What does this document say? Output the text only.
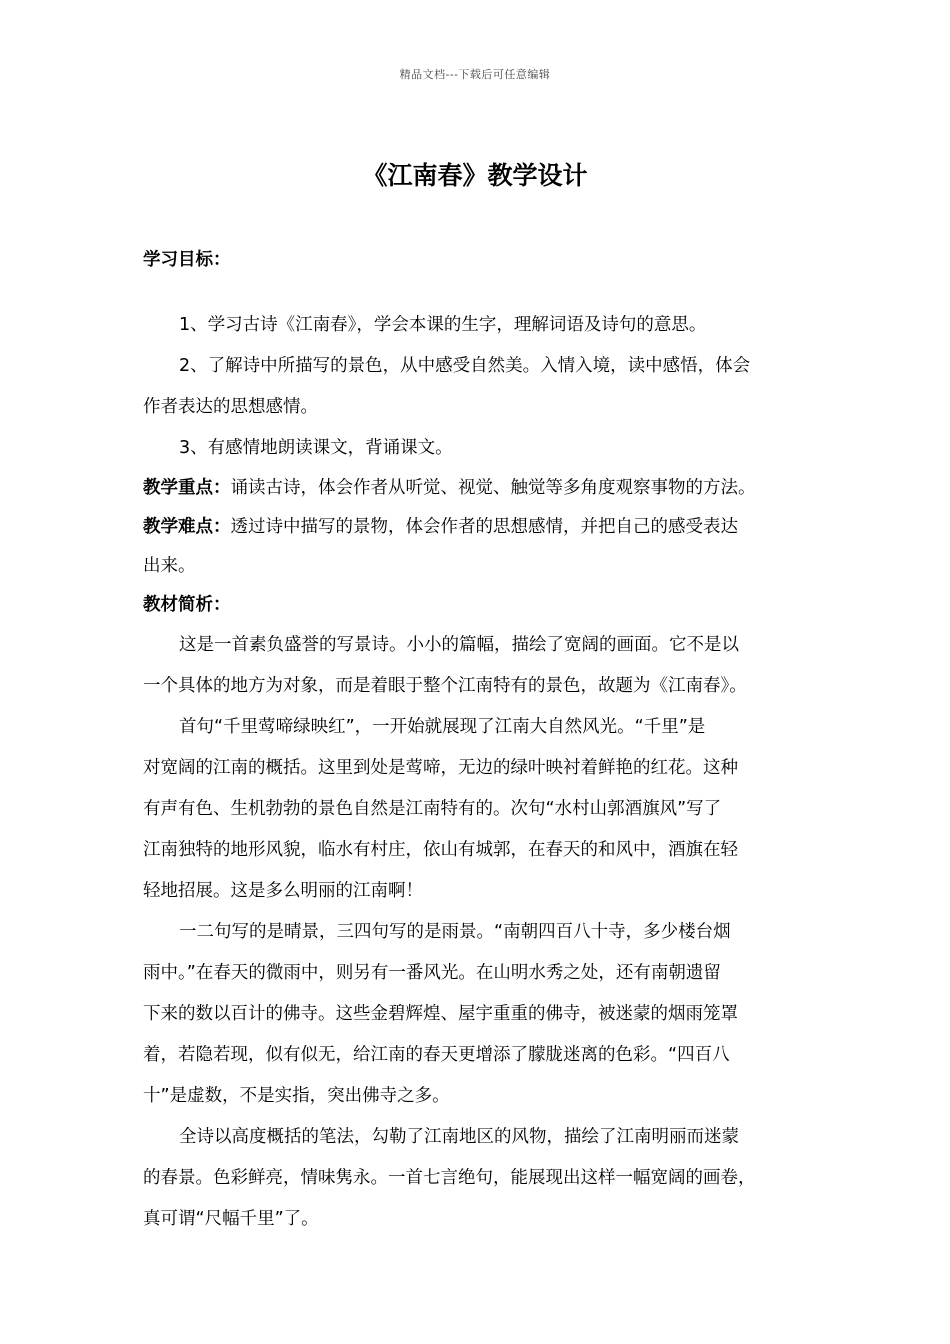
精品文档---下载后可任意编辑
《江南春》教学设计
学习目标：
1、学习古诗《江南春》，学会本课的生字，理解词语及诗句的意思。
2、了解诗中所描写的景色，从中感受自然美。入情入境，读中感悟，体会
作者表达的思想感情。
3、有感情地朗读课文，背诵课文。
教学重点：诵读古诗，体会作者从听觉、视觉、触觉等多角度观察事物的方法。
教学难点：透过诗中描写的景物，体会作者的思想感情，并把自己的感受表达
出来。
教材简析：
这是一首素负盛誉的写景诗。小小的篇幅，描绘了宽阔的画面。它不是以
一个具体的地方为对象，而是着眼于整个江南特有的景色，故题为《江南春》。
首句“千里莺啼绿映红”，一开始就展现了江南大自然风光。“千里”是
对宽阔的江南的概括。这里到处是莺啼，无边的绿叶映衬着鲜艳的红花。这种
有声有色、生机勃勃的景色自然是江南特有的。次句“水村山郭酒旗风”写了
江南独特的地形风貌，临水有村庄，依山有城郭，在春天的和风中，酒旗在轻
轻地招展。这是多么明丽的江南啊！
一二句写的是晴景，三四句写的是雨景。“南朝四百八十寺，多少楼台烟
雨中。”在春天的微雨中，则另有一番风光。在山明水秀之处，还有南朝遗留
下来的数以百计的佛寺。这些金碧辉煌、屋宇重重的佛寺，被迷蒙的烟雨笼罩
着，若隐若现，似有似无，给江南的春天更增添了朦胧迷离的色彩。“四百八
十”是虚数，不是实指，突出佛寺之多。
全诗以高度概括的笔法，勾勒了江南地区的风物，描绘了江南明丽而迷蒙
的春景。色彩鲜亮，情味隽永。一首七言绝句，能展现出这样一幅宽阔的画卷，
真可谓“尺幅千里”了。
